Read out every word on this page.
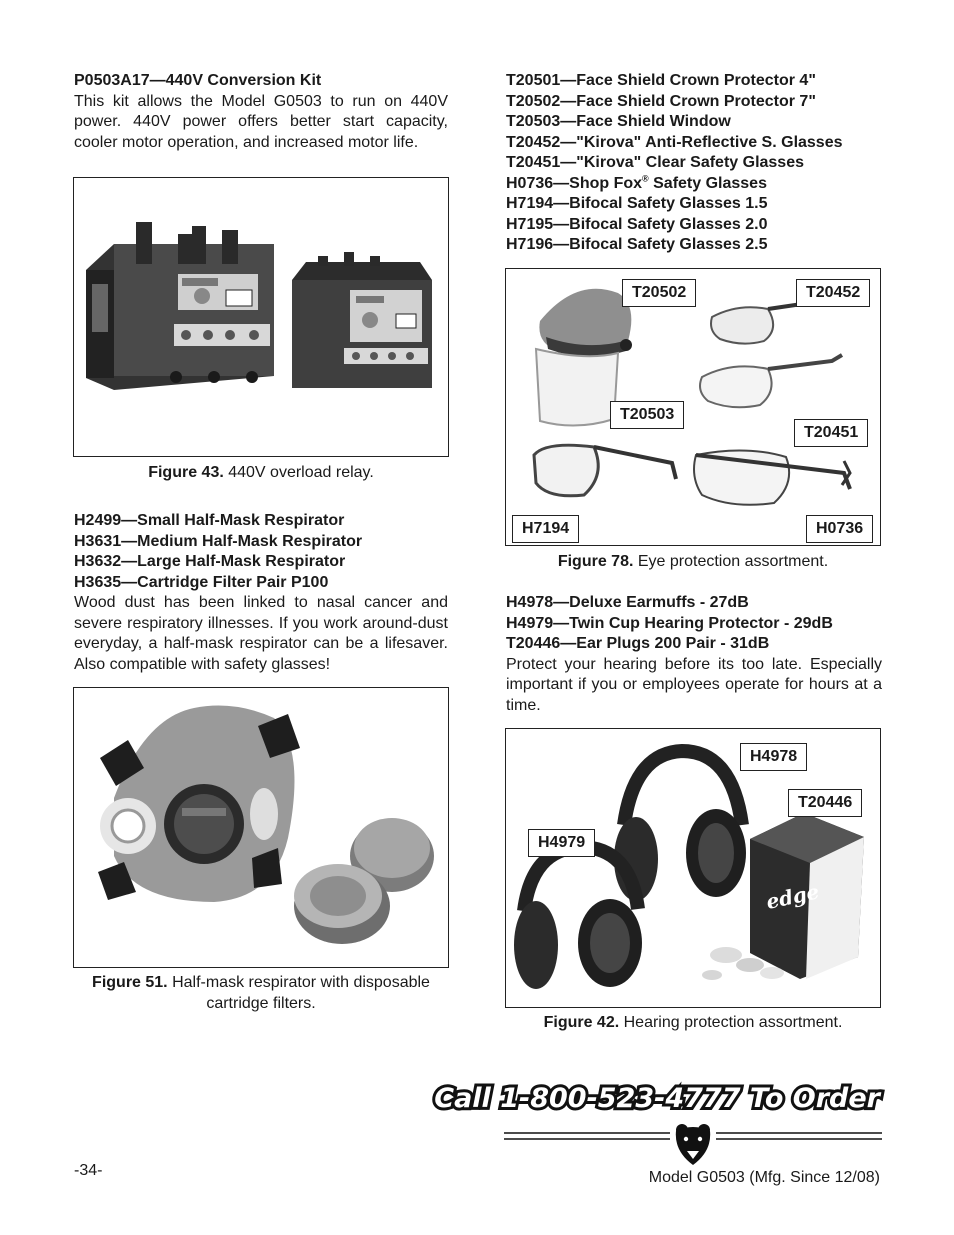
P0503A17—440V Conversion Kit

This kit allows the Model G0503 to run on 440V power. 440V power offers better start capacity, cooler motor operation, and increased motor life.

Figure 43. 440V overload relay.

H2499—Small Half-Mask Respirator

H3631—Medium Half-Mask Respirator

H3632—Large Half-Mask Respirator

H3635—Cartridge Filter Pair P100

Wood dust has been linked to nasal cancer and severe respiratory illnesses. If you work around-dust everyday, a half-mask respirator can be a lifesaver. Also compatible with safety glasses!

Figure 51. Half-mask respirator with disposable cartridge filters.

T20501—Face Shield Crown Protector 4"

T20502—Face Shield Crown Protector 7"

T20503—Face Shield Window

T20452—"Kirova" Anti-Reflective S. Glasses

T20451—"Kirova" Clear Safety Glasses

H0736—Shop Fox® Safety Glasses

H7194—Bifocal Safety Glasses 1.5

H7195—Bifocal Safety Glasses 2.0

H7196—Bifocal Safety Glasses 2.5

T20502	T20452
T20503
T20451
H7194	H0736
Figure 78. Eye protection assortment.

H4978—Deluxe Earmuffs - 27dB

H4979—Twin Cup Hearing Protector - 29dB

T20446—Ear Plugs 200 Pair - 31dB

Protect your hearing before its too late. Especially important if you or employees operate for hours at a time.

edge
H4978
T20446
H4979
Figure 42. Hearing protection assortment.
Call 1-800-523-4777 To Order
-34-	Model G0503 (Mfg. Since 12/08)
